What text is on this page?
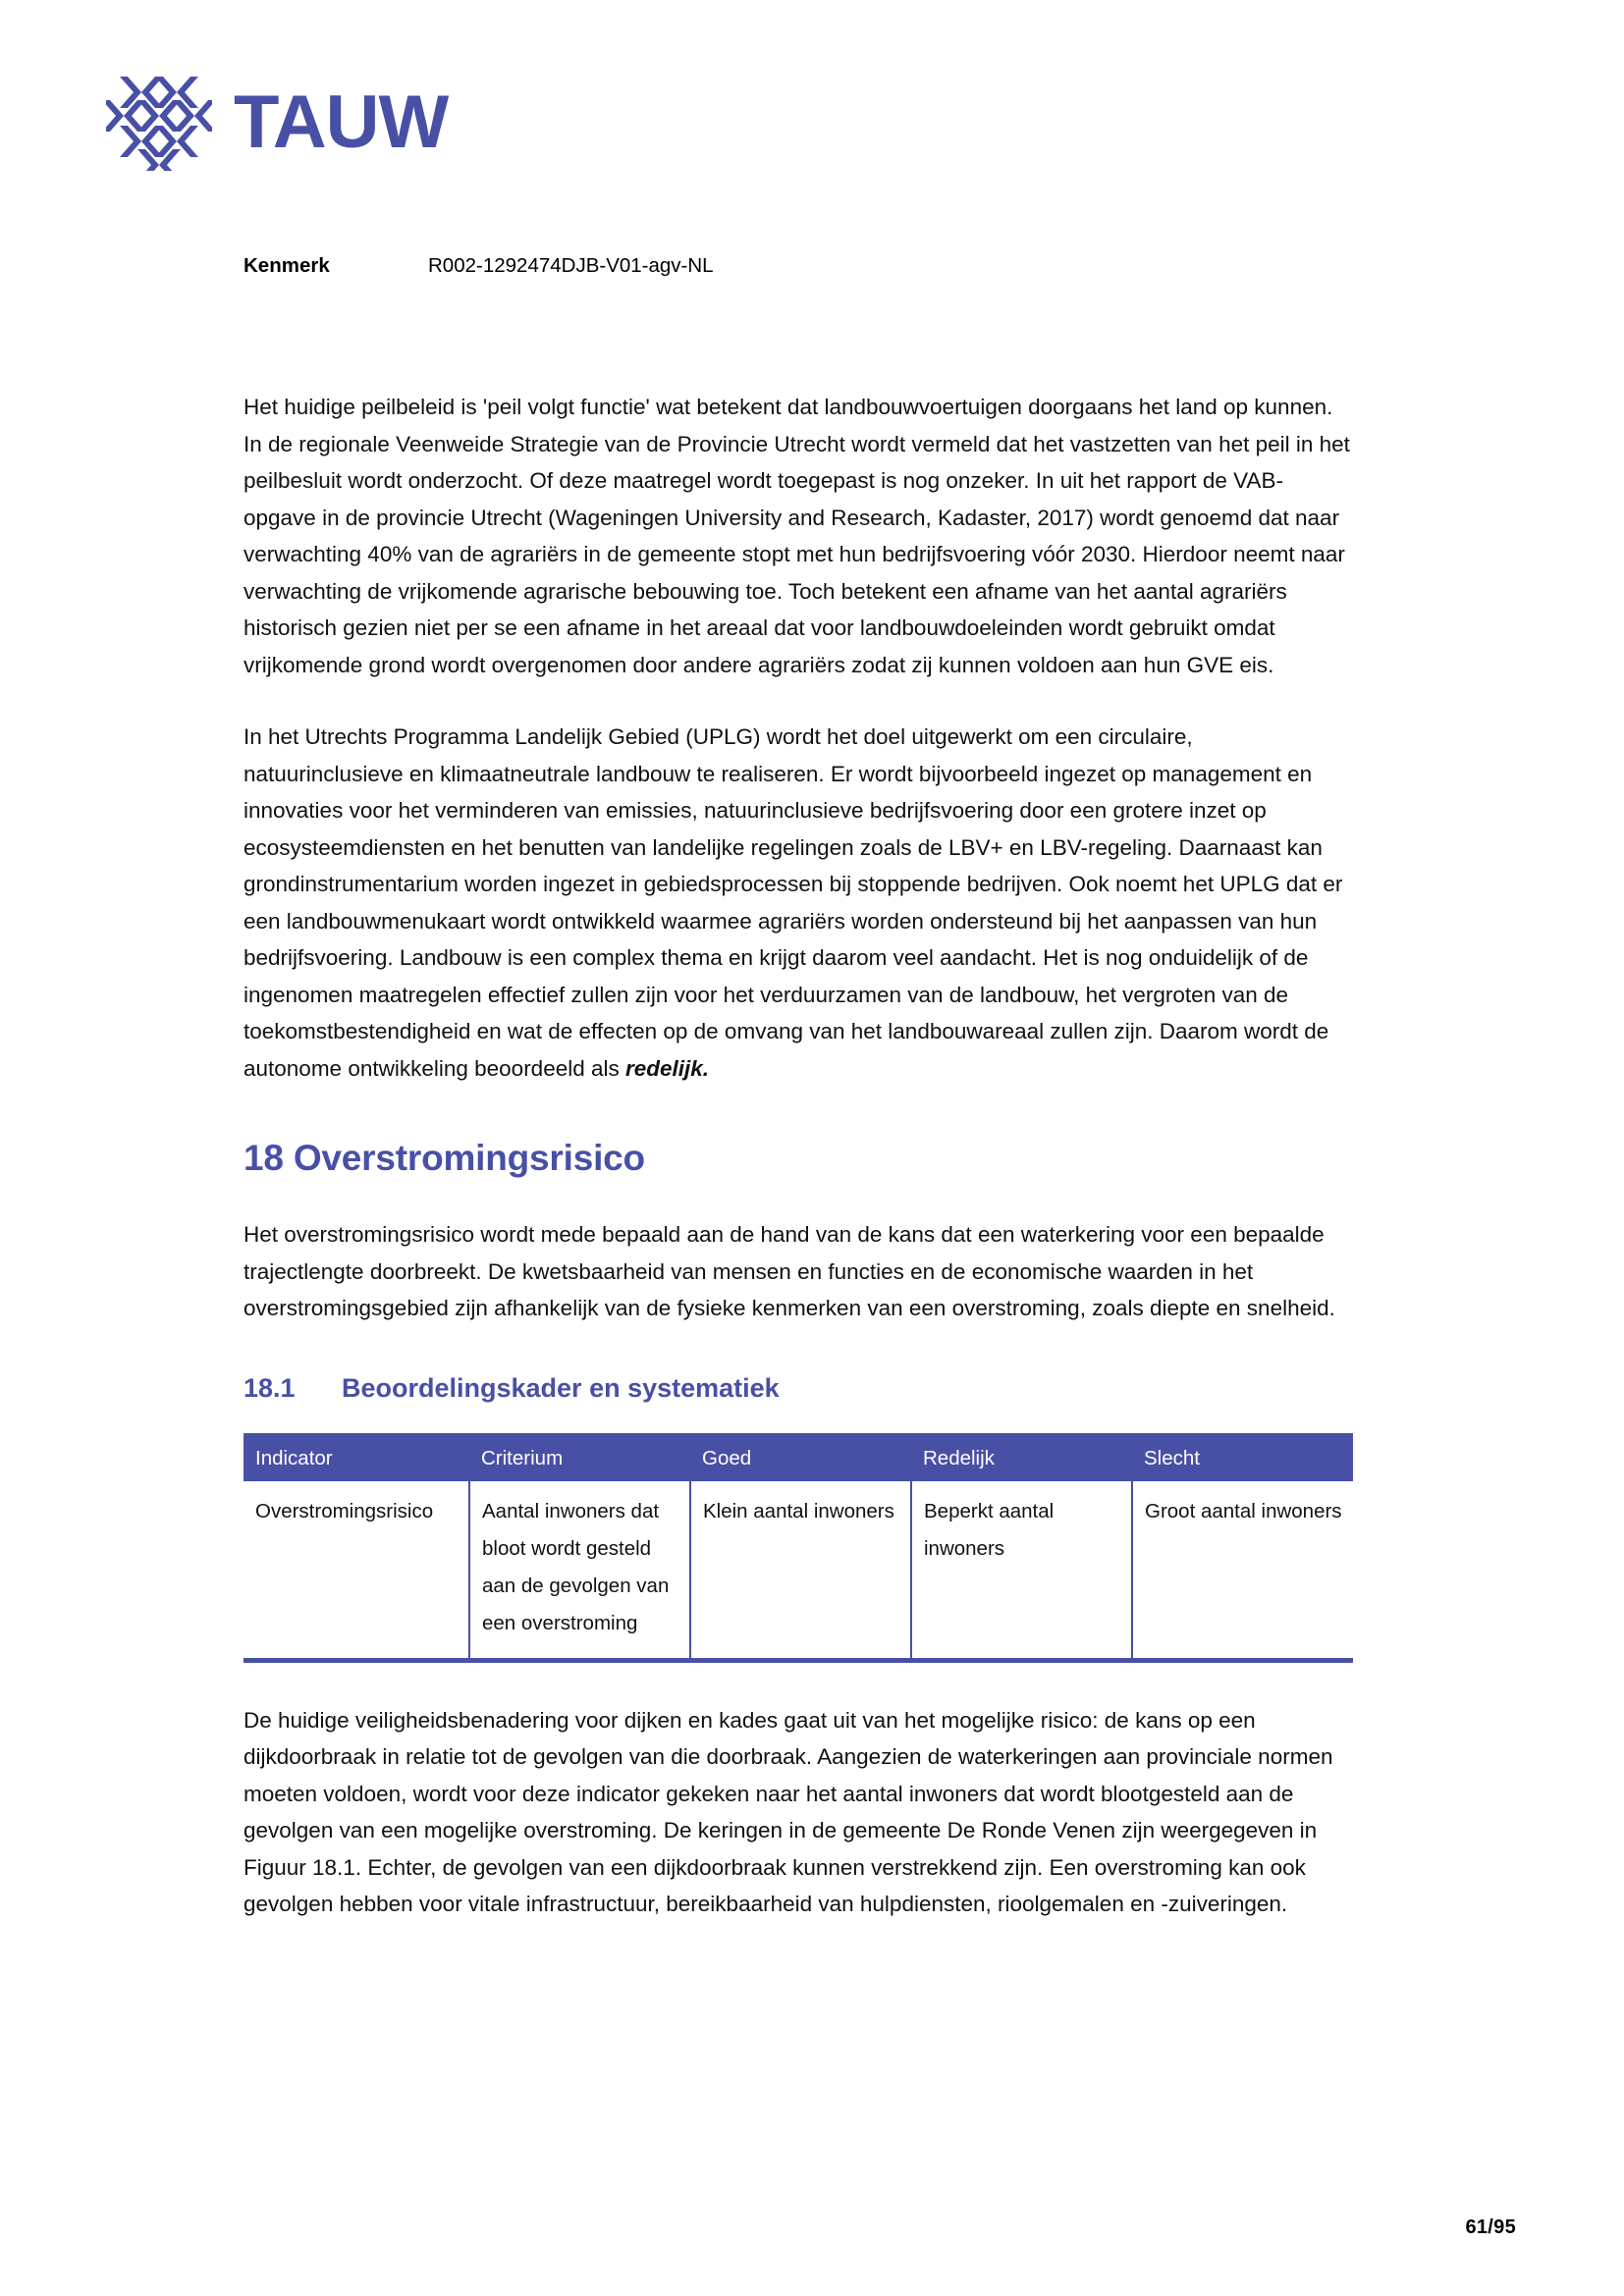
TAUW
Kenmerk	R002-1292474DJB-V01-agv-NL

Het huidige peilbeleid is 'peil volgt functie' wat betekent dat landbouwvoertuigen doorgaans het land op kunnen. In de regionale Veenweide Strategie van de Provincie Utrecht wordt vermeld dat het vastzetten van het peil in het peilbesluit wordt onderzocht. Of deze maatregel wordt toegepast is nog onzeker. In uit het rapport de VAB-opgave in de provincie Utrecht (Wageningen University and Research, Kadaster, 2017) wordt genoemd dat naar verwachting 40% van de agrariërs in de gemeente stopt met hun bedrijfsvoering vóór 2030. Hierdoor neemt naar verwachting de vrijkomende agrarische bebouwing toe. Toch betekent een afname van het aantal agrariërs historisch gezien niet per se een afname in het areaal dat voor landbouwdoeleinden wordt gebruikt omdat vrijkomende grond wordt overgenomen door andere agrariërs zodat zij kunnen voldoen aan hun GVE eis.

In het Utrechts Programma Landelijk Gebied (UPLG) wordt het doel uitgewerkt om een circulaire, natuurinclusieve en klimaatneutrale landbouw te realiseren. Er wordt bijvoorbeeld ingezet op management en innovaties voor het verminderen van emissies, natuurinclusieve bedrijfsvoering door een grotere inzet op ecosysteemdiensten en het benutten van landelijke regelingen zoals de LBV+ en LBV-regeling. Daarnaast kan grondinstrumentarium worden ingezet in gebiedsprocessen bij stoppende bedrijven. Ook noemt het UPLG dat er een landbouwmenukaart wordt ontwikkeld waarmee agrariërs worden ondersteund bij het aanpassen van hun bedrijfsvoering. Landbouw is een complex thema en krijgt daarom veel aandacht. Het is nog onduidelijk of de ingenomen maatregelen effectief zullen zijn voor het verduurzamen van de landbouw, het vergroten van de toekomstbestendigheid en wat de effecten op de omvang van het landbouwareaal zullen zijn. Daarom wordt de autonome ontwikkeling beoordeeld als redelijk.

18 Overstromingsrisico

Het overstromingsrisico wordt mede bepaald aan de hand van de kans dat een waterkering voor een bepaalde trajectlengte doorbreekt. De kwetsbaarheid van mensen en functies en de economische waarden in het overstromingsgebied zijn afhankelijk van de fysieke kenmerken van een overstroming, zoals diepte en snelheid.

18.1	Beoordelingskader en systematiek
Indicator	Criterium	Goed	Redelijk	Slecht
Overstromingsrisico	Aantal inwoners dat bloot wordt gesteld aan de gevolgen van een overstroming	Klein aantal inwoners	Beperkt aantal inwoners	Groot aantal inwoners

De huidige veiligheidsbenadering voor dijken en kades gaat uit van het mogelijke risico: de kans op een dijkdoorbraak in relatie tot de gevolgen van die doorbraak. Aangezien de waterkeringen aan provinciale normen moeten voldoen, wordt voor deze indicator gekeken naar het aantal inwoners dat wordt blootgesteld aan de gevolgen van een mogelijke overstroming. De keringen in de gemeente De Ronde Venen zijn weergegeven in Figuur 18.1. Echter, de gevolgen van een dijkdoorbraak kunnen verstrekkend zijn. Een overstroming kan ook gevolgen hebben voor vitale infrastructuur, bereikbaarheid van hulpdiensten, rioolgemalen en -zuiveringen.

61/95
